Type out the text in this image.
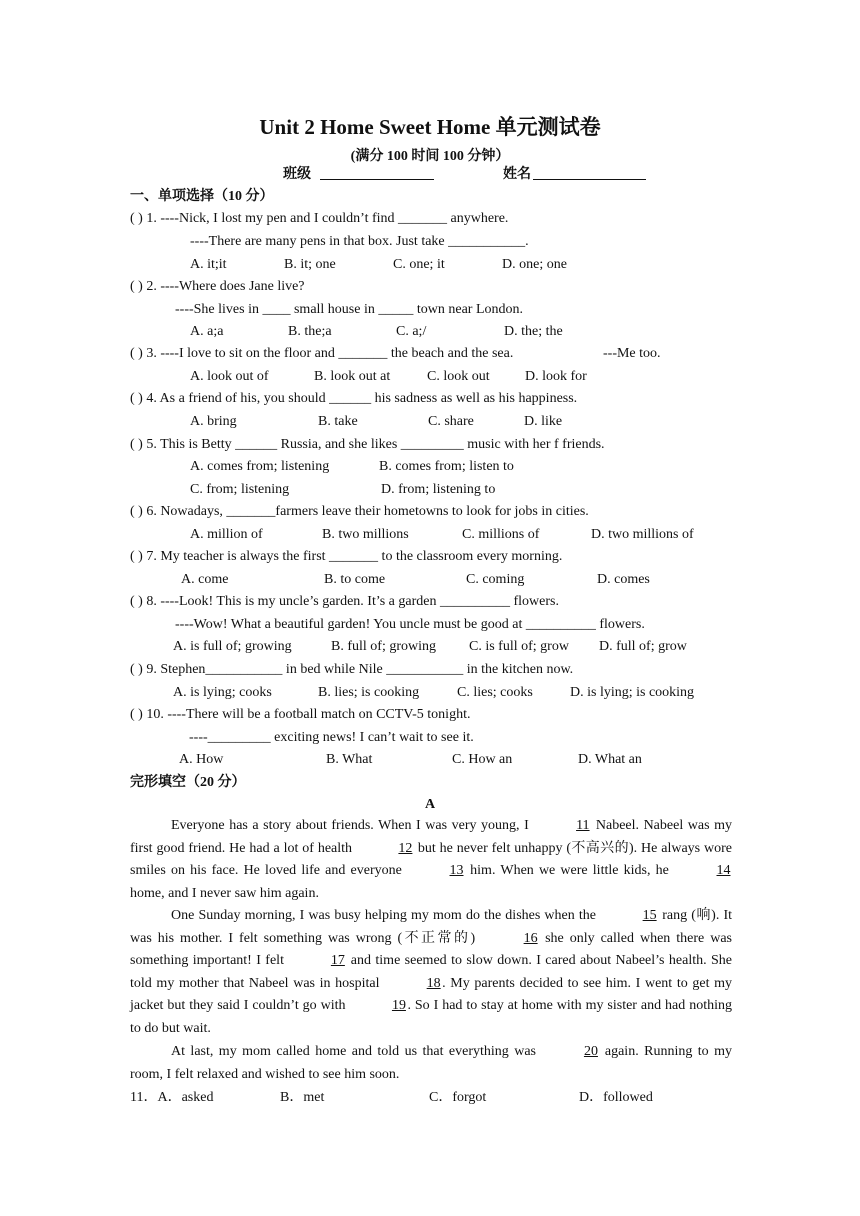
Unit 2 Home Sweet Home 单元测试卷
(满分 100 时间 100 分钟）
班级	姓名
一、单项选择（10 分）
( ) 1. ----Nick, I lost my pen and I couldn’t find _______ anywhere.
----There are many pens in that box. Just take ___________.
A. it;it	B. it; one	C. one; it	D. one; one
( ) 2. ----Where does Jane live?
----She lives in ____ small house in _____ town near London.
A. a;a	B. the;a	C. a;/	D. the; the
( ) 3. ----I love to sit on the floor and _______ the beach and the sea.	---Me too.
A. look out of	B. look out at	C. look out	D. look for
( ) 4. As a friend of his, you should ______ his sadness as well as his happiness.
A. bring	B. take	C. share	D. like
( ) 5. This is Betty ______ Russia, and she likes _________ music with her f friends.
A. comes from; listening	B. comes from; listen to
C. from; listening	D. from; listening to
( ) 6. Nowadays, _______farmers leave their hometowns to look for jobs in cities.
A. million of	B. two millions	C. millions of	D. two millions of
( ) 7. My teacher is always the first _______ to the classroom every morning.
A. come	B. to come	C. coming	D. comes
( ) 8. ----Look! This is my uncle’s garden. It’s a garden __________ flowers.
----Wow! What a beautiful garden! You uncle must be good at __________ flowers.
A. is full of; growing	B. full of; growing C. is full of; grow D. full of; grow
( ) 9. Stephen___________ in bed while Nile ___________ in the kitchen now.
A. is lying; cooks	B. lies; is cooking	C. lies; cooks	D. is lying; is cooking
( ) 10. ----There will be a football match on CCTV-5 tonight.
----_________ exciting news! I can’t wait to see it.
A. How	B. What	C. How an	D. What an
完形填空（20 分）
A
Everyone has a story about friends. When I was very young, I	11 Nabeel. Nabeel was my first good friend. He had a lot of health	12 but he never felt unhappy (不高兴的). He always wore smiles on his face. He loved life and everyone	13 him. When we were little kids, he	14 home, and I never saw him again.
One Sunday morning, I was busy helping my mom do the dishes when the	15 rang (响). It was his mother. I felt something was wrong (不正常的)	16 she only called when there was something important! I felt	17 and time seemed to slow down. I cared about Nabeel’s health. She told my mother that Nabeel was in hospital	18 . My parents decided to see him. I went to get my jacket but they said I couldn’t go with	19 . So I had to stay at home with my sister and had nothing to do but wait.
At last, my mom called home and told us that everything was	20 again. Running to my room, I felt relaxed and wished to see him soon.
11．A．asked	B．met	C．forgot	D．followed
